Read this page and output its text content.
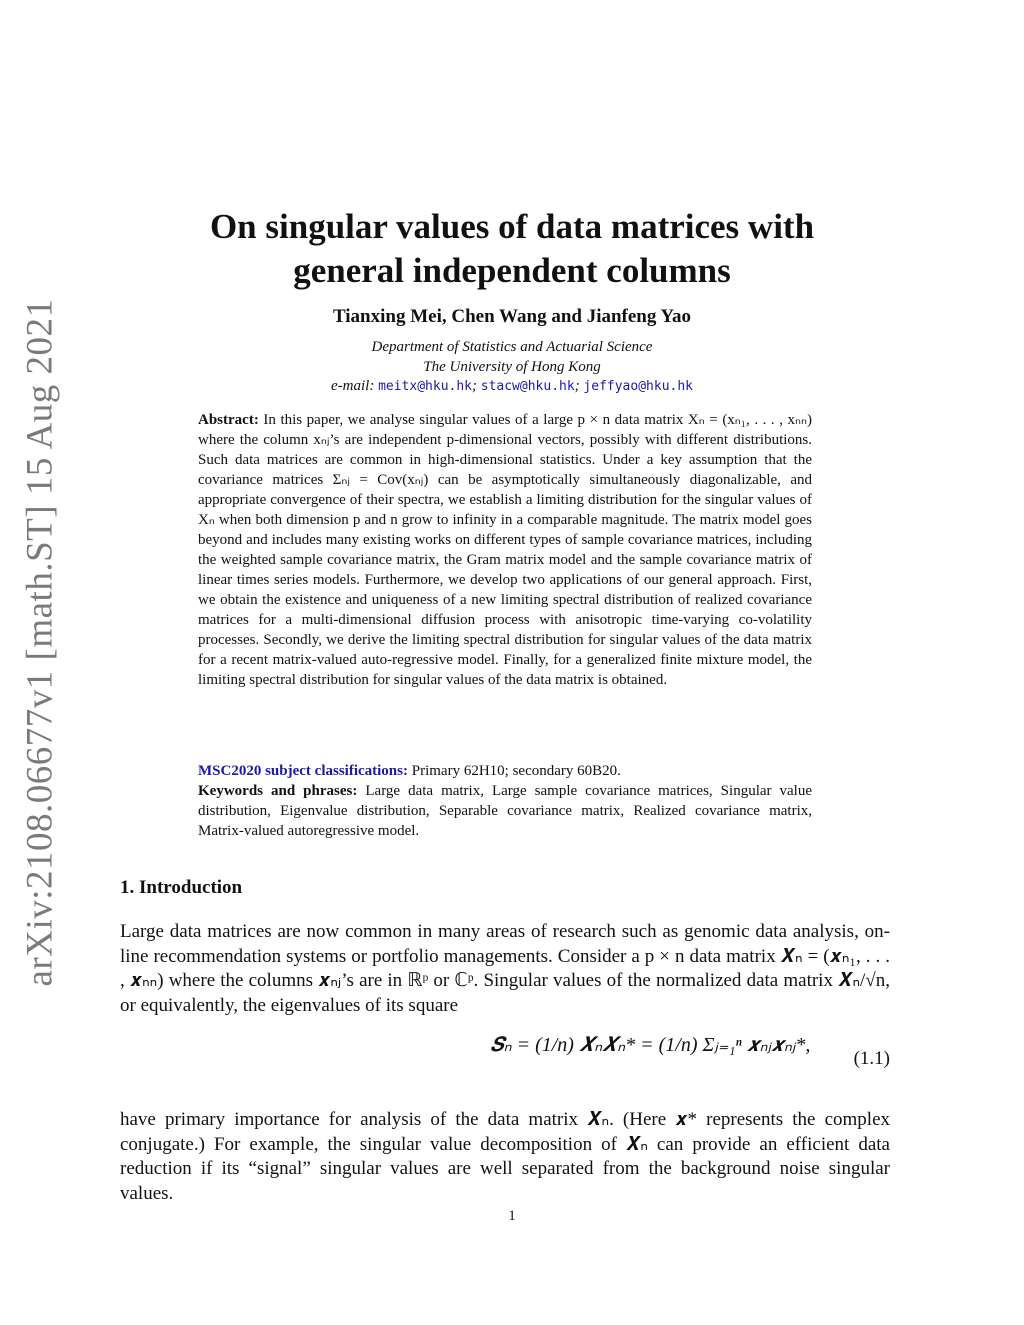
arXiv:2108.06677v1 [math.ST] 15 Aug 2021
On singular values of data matrices with
general independent columns
Tianxing Mei, Chen Wang and Jianfeng Yao
Department of Statistics and Actuarial Science
The University of Hong Kong
e-mail: meitx@hku.hk; stacw@hku.hk; jeffyao@hku.hk
Abstract: In this paper, we analyse singular values of a large p × n data matrix Xₙ = (xₙ₁, . . . , xₙₙ) where the column xₙⱼ’s are independent p-dimensional vectors, possibly with different distributions. Such data matrices are common in high-dimensional statistics. Under a key assumption that the covariance matrices Σₙⱼ = Cov(xₙⱼ) can be asymptotically simultaneously diagonalizable, and appropriate convergence of their spectra, we establish a limiting distribution for the singular values of Xₙ when both dimension p and n grow to infinity in a comparable magnitude. The matrix model goes beyond and includes many existing works on different types of sample covariance matrices, including the weighted sample covariance matrix, the Gram matrix model and the sample covariance matrix of linear times series models. Furthermore, we develop two applications of our general approach. First, we obtain the existence and uniqueness of a new limiting spectral distribution of realized covariance matrices for a multi-dimensional diffusion process with anisotropic time-varying co-volatility processes. Secondly, we derive the limiting spectral distribution for singular values of the data matrix for a recent matrix-valued auto-regressive model. Finally, for a generalized finite mixture model, the limiting spectral distribution for singular values of the data matrix is obtained.
MSC2020 subject classifications: Primary 62H10; secondary 60B20.
Keywords and phrases: Large data matrix, Large sample covariance matrices, Singular value distribution, Eigenvalue distribution, Separable covariance matrix, Realized covariance matrix, Matrix-valued autoregressive model.
1. Introduction
Large data matrices are now common in many areas of research such as genomic data analysis, on-line recommendation systems or portfolio managements. Consider a p × n data matrix 𝑿ₙ = (𝒙ₙ₁, . . . , 𝒙ₙₙ) where the columns 𝒙ₙⱼ’s are in ℝᵖ or ℂᵖ. Singular values of the normalized data matrix 𝑿ₙ/√n, or equivalently, the eigenvalues of its square
𝑺ₙ = (1/n) 𝑿ₙ𝑿ₙ* = (1/n) Σⱼ₌₁ⁿ 𝒙ₙⱼ𝒙ₙⱼ*,
(1.1)
have primary importance for analysis of the data matrix 𝑿ₙ. (Here 𝒙* represents the complex conjugate.) For example, the singular value decomposition of 𝑿ₙ can provide an efficient data reduction if its “signal” singular values are well separated from the background noise singular values.
1
